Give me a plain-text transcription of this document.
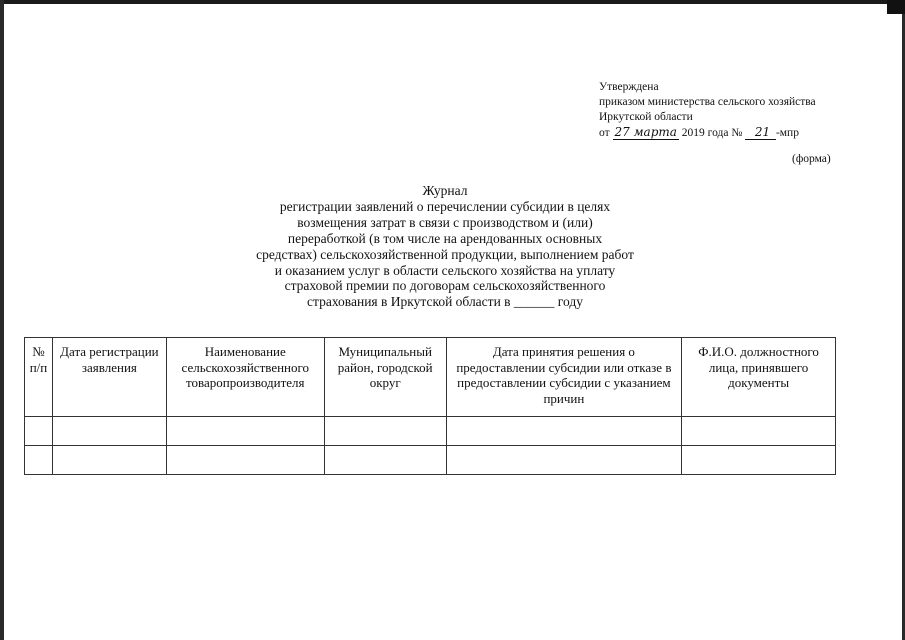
Утверждена
приказом министерства сельского хозяйства
Иркутской области
от 27 марта 2019 года № 21 -мпр
(форма)
Журнал
регистрации заявлений о перечислении субсидии в целях
возмещения затрат в связи с производством и (или)
переработкой (в том числе на арендованных основных
средствах) сельскохозяйственной продукции, выполнением работ
и оказанием услуг в области сельского хозяйства на уплату
страховой премии по договорам сельскохозяйственного
страхования в Иркутской области в ______ году
№ п/п	Дата регистрации заявления	Наименование сельскохозяйственного товаропроизводителя	Муниципальный район, городской округ	Дата принятия решения о предоставлении субсидии или отказе в предоставлении субсидии с указанием причин	Ф.И.О. должностного лица, принявшего документы
